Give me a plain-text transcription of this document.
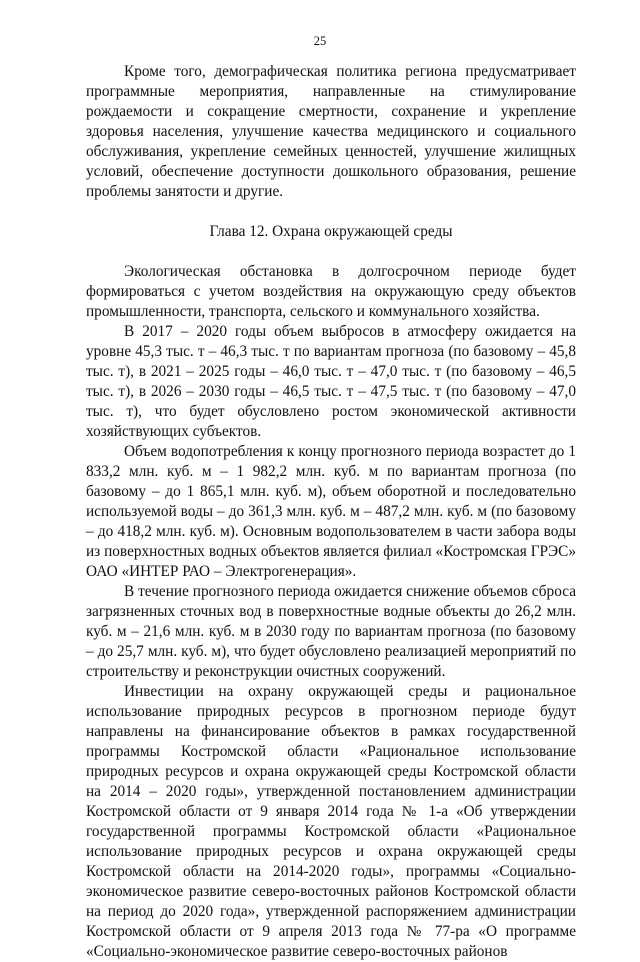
25

Кроме того, демографическая политика региона предусматривает программные мероприятия, направленные на стимулирование рождаемости и сокращение смертности, сохранение и укрепление здоровья населения, улучшение качества медицинского и социального обслуживания, укрепление семейных ценностей, улучшение жилищных условий, обеспечение доступности дошкольного образования, решение проблемы занятости и другие.

Глава 12. Охрана окружающей среды

Экологическая обстановка в долгосрочном периоде будет формироваться с учетом воздействия на окружающую среду объектов промышленности, транспорта, сельского и коммунального хозяйства.

В 2017 – 2020 годы объем выбросов в атмосферу ожидается на уровне 45,3 тыс. т – 46,3 тыс. т по вариантам прогноза (по базовому – 45,8 тыс. т), в 2021 – 2025 годы – 46,0 тыс. т – 47,0 тыс. т (по базовому – 46,5 тыс. т), в 2026 – 2030 годы – 46,5 тыс. т – 47,5 тыс. т (по базовому – 47,0 тыс. т), что будет обусловлено ростом экономической активности хозяйствующих субъектов.

Объем водопотребления к концу прогнозного периода возрастет до 1 833,2 млн. куб. м – 1 982,2 млн. куб. м по вариантам прогноза (по базовому – до 1 865,1 млн. куб. м), объем оборотной и последовательно используемой воды – до 361,3 млн. куб. м – 487,2 млн. куб. м (по базовому – до 418,2 млн. куб. м). Основным водопользователем в части забора воды из поверхностных водных объектов является филиал «Костромская ГРЭС» ОАО «ИНТЕР РАО – Электрогенерация».

В течение прогнозного периода ожидается снижение объемов сброса загрязненных сточных вод в поверхностные водные объекты до 26,2 млн. куб. м – 21,6 млн. куб. м в 2030 году по вариантам прогноза (по базовому – до 25,7 млн. куб. м), что будет обусловлено реализацией мероприятий по строительству и реконструкции очистных сооружений.

Инвестиции на охрану окружающей среды и рациональное использование природных ресурсов в прогнозном периоде будут направлены на финансирование объектов в рамках государственной программы Костромской области «Рациональное использование природных ресурсов и охрана окружающей среды Костромской области на 2014 – 2020 годы», утвержденной постановлением администрации Костромской области от 9 января 2014 года № 1-а «Об утверждении государственной программы Костромской области «Рациональное использование природных ресурсов и охрана окружающей среды Костромской области на 2014-2020 годы», программы «Социально-экономическое развитие северо-восточных районов Костромской области на период до 2020 года», утвержденной распоряжением администрации Костромской области от 9 апреля 2013 года № 77-ра «О программе «Социально-экономическое развитие северо-восточных районов
